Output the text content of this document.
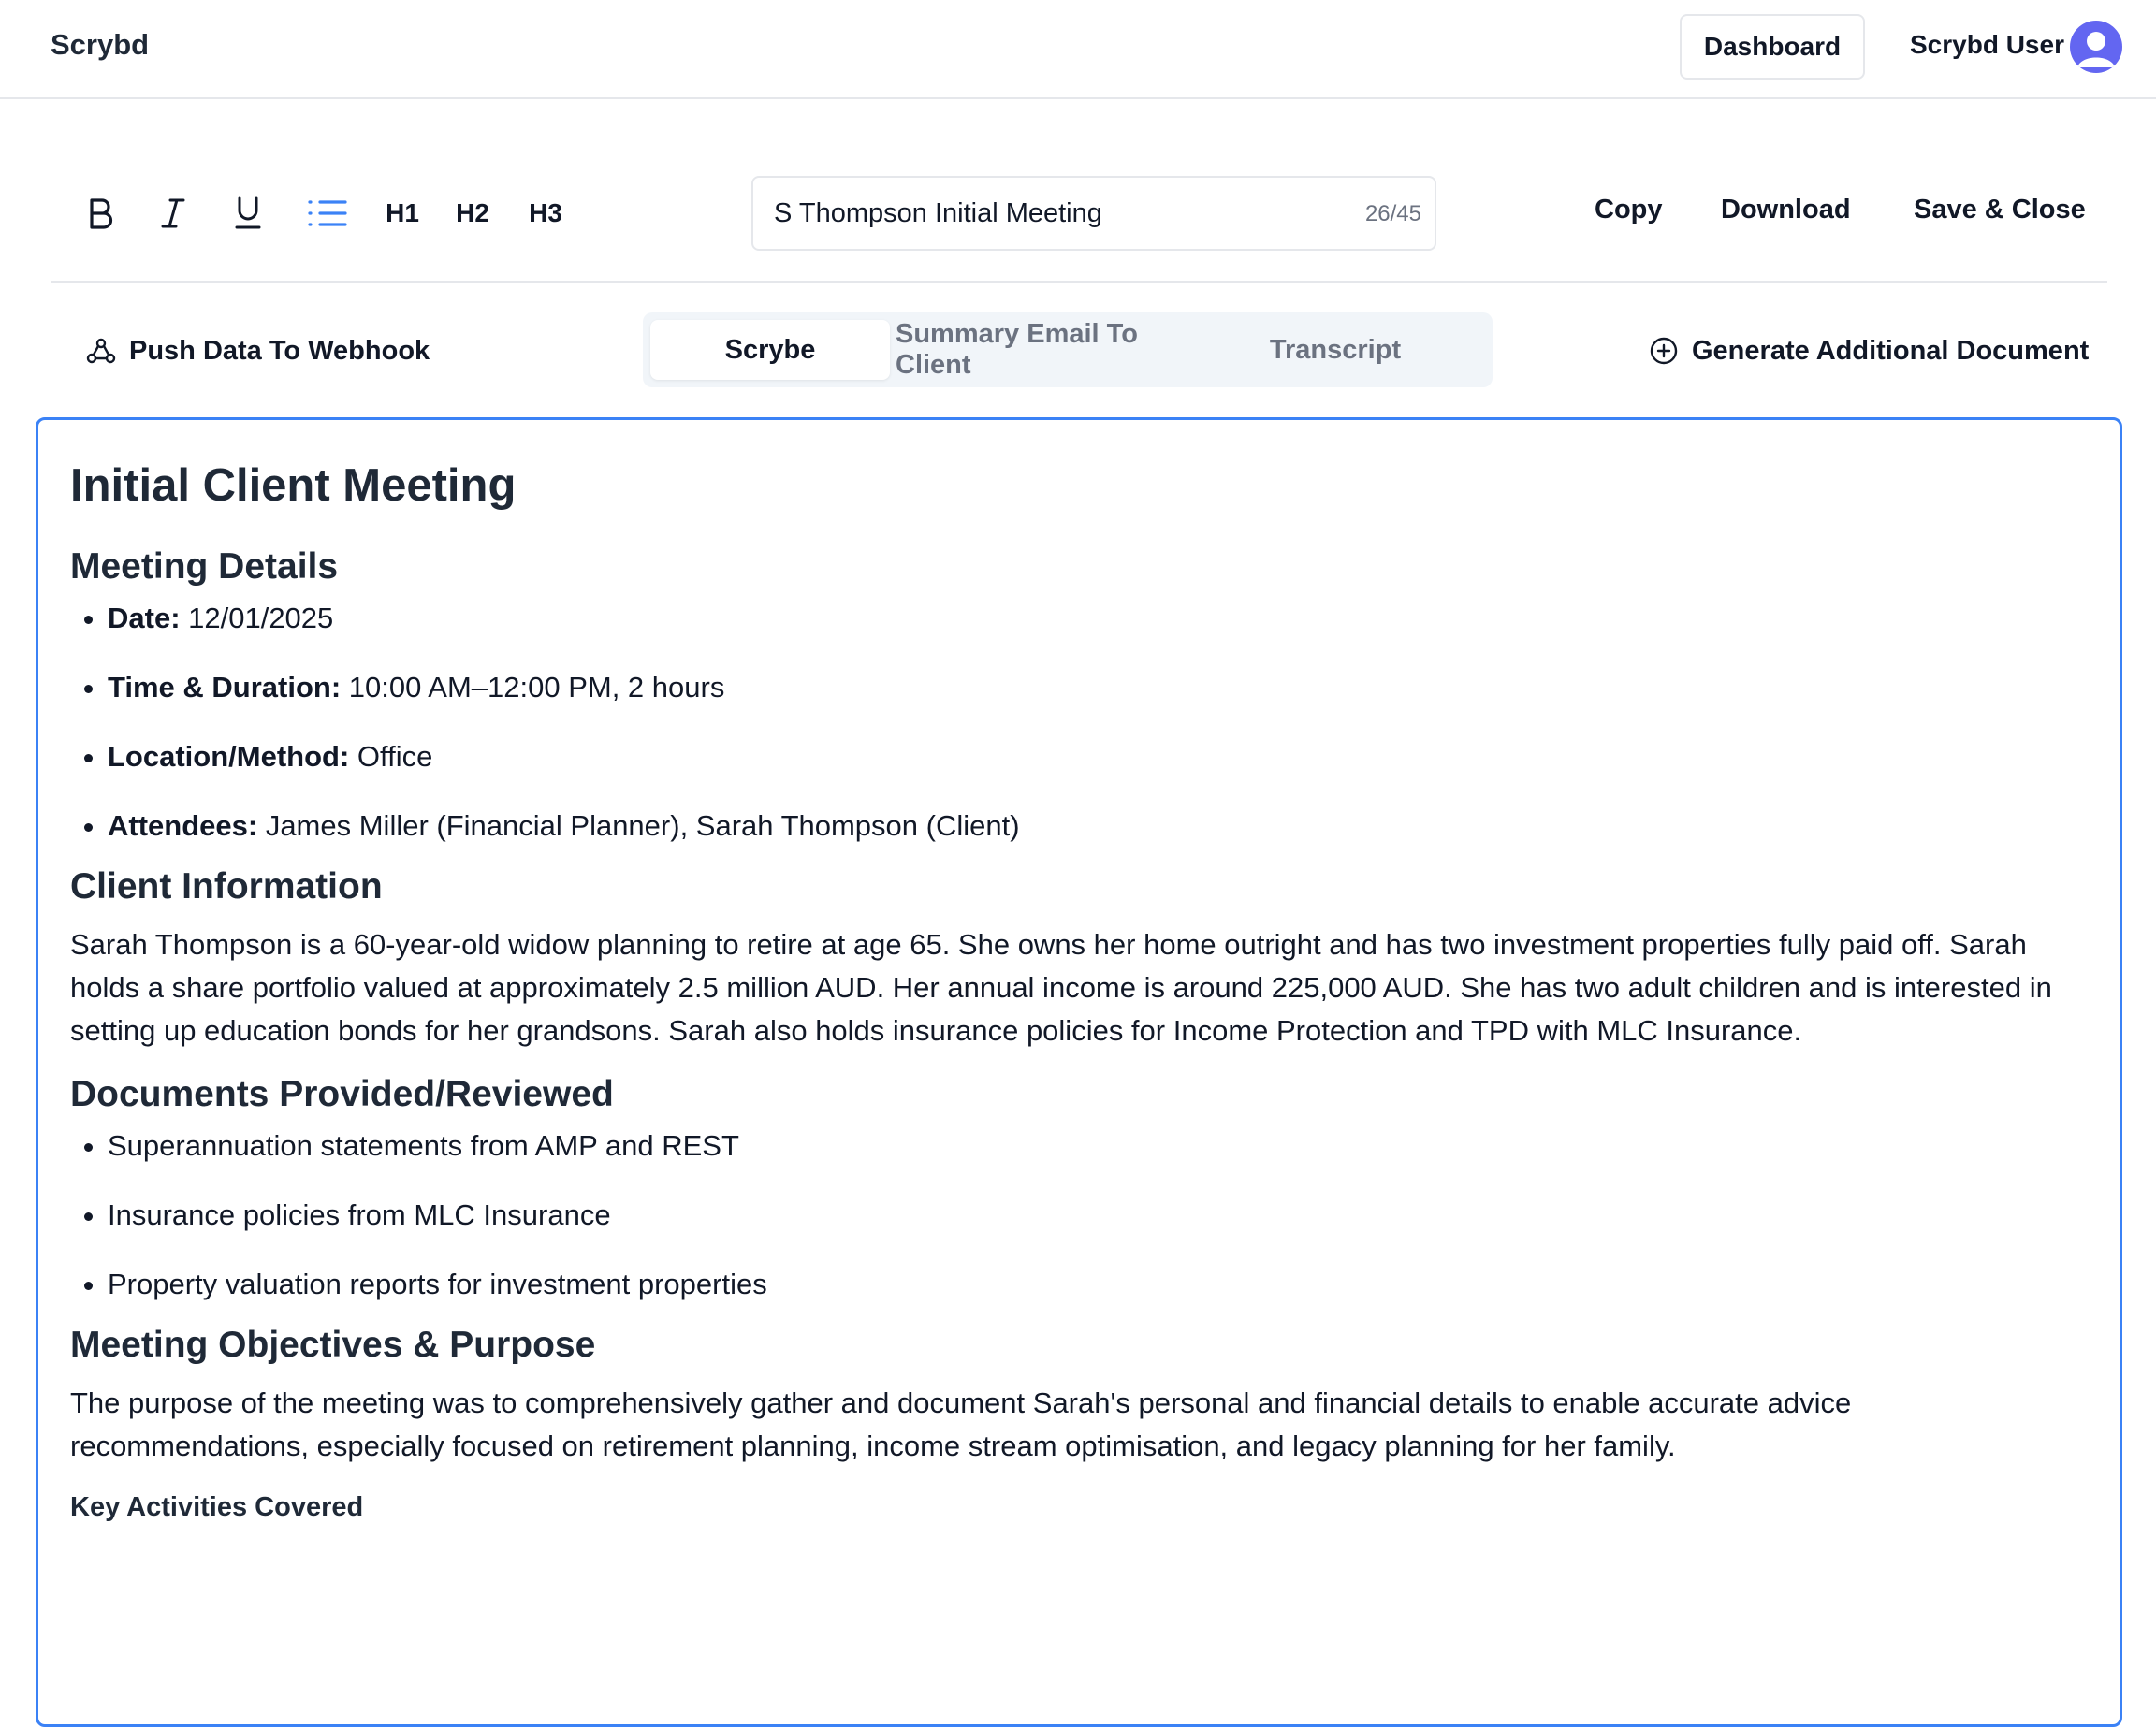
Scrybd	Dashboard	Scrybd User
H1	H2	H3
S Thompson Initial Meeting	26/45	Copy Download Save & Close
Push Data To Webhook	Scrybe
Summary Email To Client
Transcript	Generate Additional Document
Initial Client Meeting
Meeting Details
• Date: 12/01/2025
• Time & Duration: 10:00 AM–12:00 PM, 2 hours
• Location/Method: Office
• Attendees: James Miller (Financial Planner), Sarah Thompson (Client)
Client Information

Sarah Thompson is a 60-year-old widow planning to retire at age 65. She owns her home outright and has two investment properties fully paid off. Sarah holds a share portfolio valued at approximately 2.5 million AUD. Her annual income is around 225,000 AUD. She has two adult children and is interested in setting up education bonds for her grandsons. Sarah also holds insurance policies for Income Protection and TPD with MLC Insurance.

Documents Provided/Reviewed
• Superannuation statements from AMP and REST
• Insurance policies from MLC Insurance
• Property valuation reports for investment properties
Meeting Objectives & Purpose

The purpose of the meeting was to comprehensively gather and document Sarah's personal and financial details to enable accurate advice recommendations, especially focused on retirement planning, income stream optimisation, and legacy planning for her family.

Key Activities Covered
